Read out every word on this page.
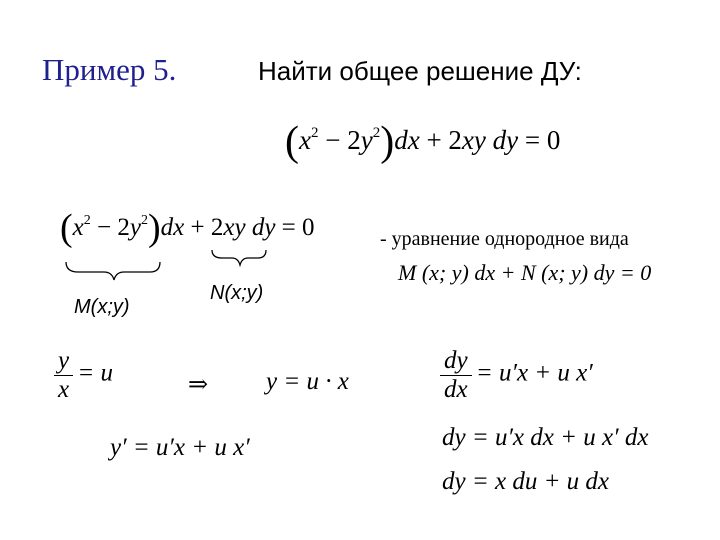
Пример 5.	Найти общее решение ДУ:
$(x^2 - 2y^2)dx + 2xy$ dy = 0
$(x^2 - 2y^2)dx + 2xy$ dy = 0
M(x;y)
N(x;y)
- уравнение однородное вида
M (x; y) dx + N (x; y) dy = 0
$\frac{y}{x} = u$	⇒ y = u · x
y′ = u′x + u x′
$\frac{dy}{dx} = u'x + u$ x′
dy = u′x dx + u x′ dx
dy = x du + u dx
